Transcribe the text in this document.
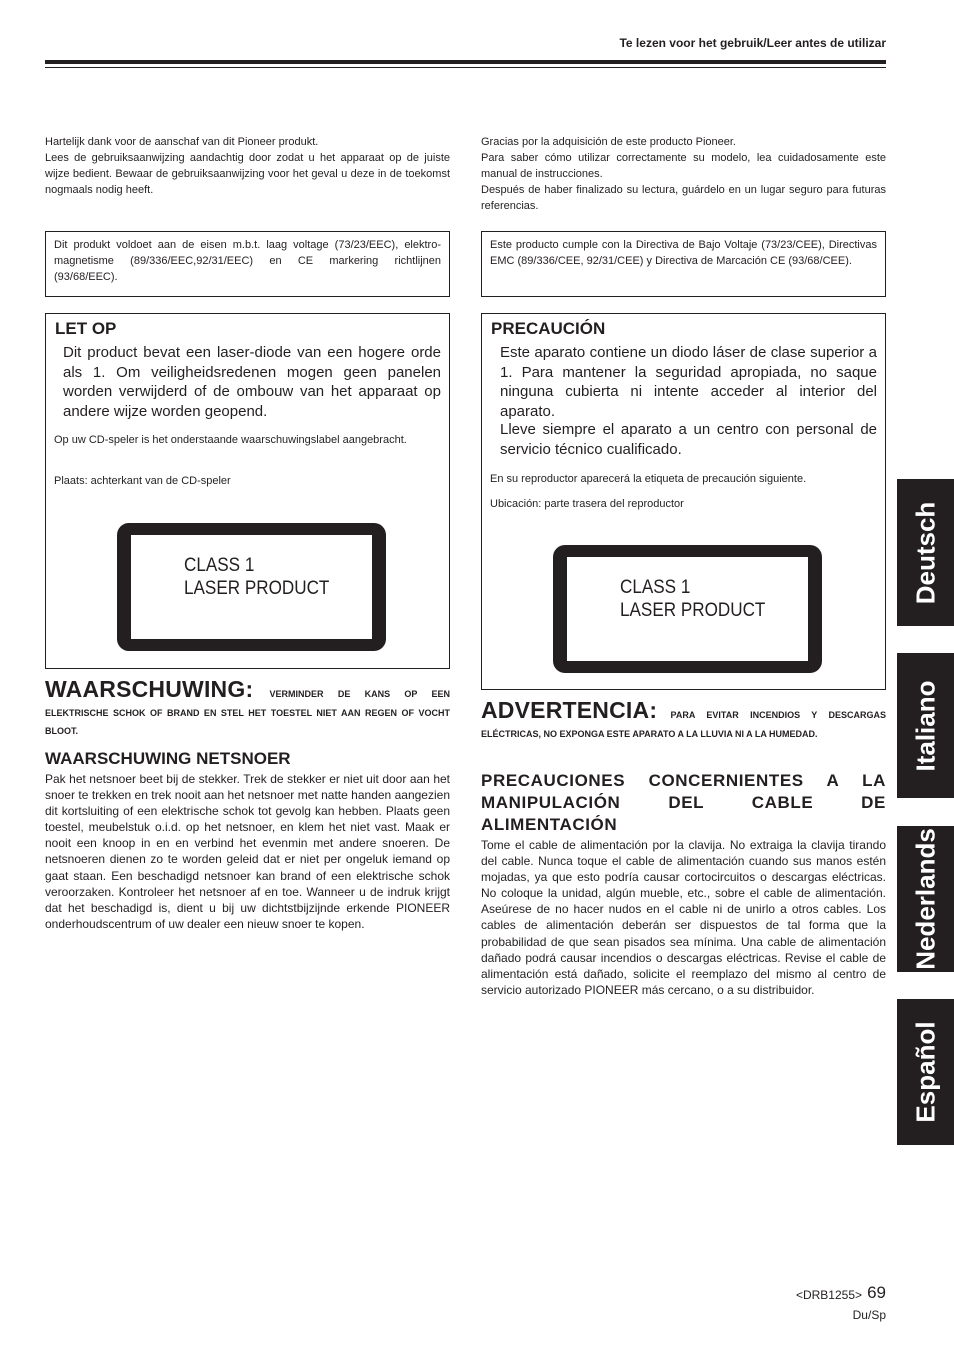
Te lezen voor het gebruik/Leer antes de utilizar

Hartelijk dank voor de aanschaf van dit Pioneer produkt.

Lees de gebruiksaanwijzing aandachtig door zodat u het apparaat op de juiste wijze bedient. Bewaar de gebruiksaanwijzing voor het geval u deze in de toekomst nogmaals nodig heeft.

Dit produkt voldoet aan de eisen m.b.t. laag voltage (73/23/EEC), elektro-magnetisme (89/336/EEC,92/31/EEC) en CE markering richtlijnen (93/68/EEC).
LET OP
Dit product bevat een laser-diode van een hogere orde als 1. Om veiligheidsredenen mogen geen panelen worden verwijderd of de ombouw van het apparaat op andere wijze worden geopend.
Op uw CD-speler is het onderstaande waarschuwingslabel aangebracht.
Plaats: achterkant van de CD-speler
CLASS 1
LASER PRODUCT
WAARSCHUWING: VERMINDER DE KANS OP EEN ELEKTRISCHE SCHOK OF BRAND EN STEL HET TOESTEL NIET AAN REGEN OF VOCHT BLOOT.
WAARSCHUWING NETSNOER
Pak het netsnoer beet bij de stekker. Trek de stekker er niet uit door aan het snoer te trekken en trek nooit aan het netsnoer met natte handen aangezien dit kortsluiting of een elektrische schok tot gevolg kan hebben. Plaats geen toestel, meubelstuk o.i.d. op het netsnoer, en klem het niet vast. Maak er nooit een knoop in en en verbind het evenmin met andere snoeren. De netsnoeren dienen zo te worden geleid dat er niet per ongeluk iemand op gaat staan. Een beschadigd netsnoer kan brand of een elektrische schok veroorzaken. Kontroleer het netsnoer af en toe. Wanneer u de indruk krijgt dat het beschadigd is, dient u bij uw dichtstbijzijnde erkende PIONEER onderhoudscentrum of uw dealer een nieuw snoer te kopen.

Gracias por la adquisición de este producto Pioneer.

Para saber cómo utilizar correctamente su modelo, lea cuidadosamente este manual de instrucciones.

Después de haber finalizado su lectura, guárdelo en un lugar seguro para futuras referencias.

Este producto cumple con la Directiva de Bajo Voltaje (73/23/CEE), Directivas EMC (89/336/CEE, 92/31/CEE) y Directiva de Marcación CE (93/68/CEE).
PRECAUCIÓN
Este aparato contiene un diodo láser de clase superior a 1. Para mantener la seguridad apropiada, no saque ninguna cubierta ni intente acceder al interior del aparato.
Lleve siempre el aparato a un centro con personal de servicio técnico cualificado.
En su reproductor aparecerá la etiqueta de precaución siguiente.
Ubicación: parte trasera del reproductor
CLASS 1
LASER PRODUCT
ADVERTENCIA: PARA EVITAR INCENDIOS Y DESCARGAS ELÉCTRICAS, NO EXPONGA ESTE APARATO A LA LLUVIA NI A LA HUMEDAD.
PRECAUCIONES CONCERNIENTES A LA MANIPULACIÓN DEL CABLE DE ALIMENTACIÓN
Tome el cable de alimentación por la clavija. No extraiga la clavija tirando del cable. Nunca toque el cable de alimentación cuando sus manos estén mojadas, ya que esto podría causar cortocircuitos o descargas eléctricas. No coloque la unidad, algún mueble, etc., sobre el cable de alimentación. Aseúrese de no hacer nudos en el cable ni de unirlo a otros cables. Los cables de alimentación deberán ser dispuestos de tal forma que la probabilidad de que sean pisados sea mínima. Una cable de alimentación dañado podrá causar incendios o descargas eléctricas. Revise el cable de alimentación está dañado, solicite el reemplazo del mismo al centro de servicio autorizado PIONEER más cercano, o a su distribuidor.
Deutsch
Italiano
Nederlands
Español
<DRB1255> 69
Du/Sp
